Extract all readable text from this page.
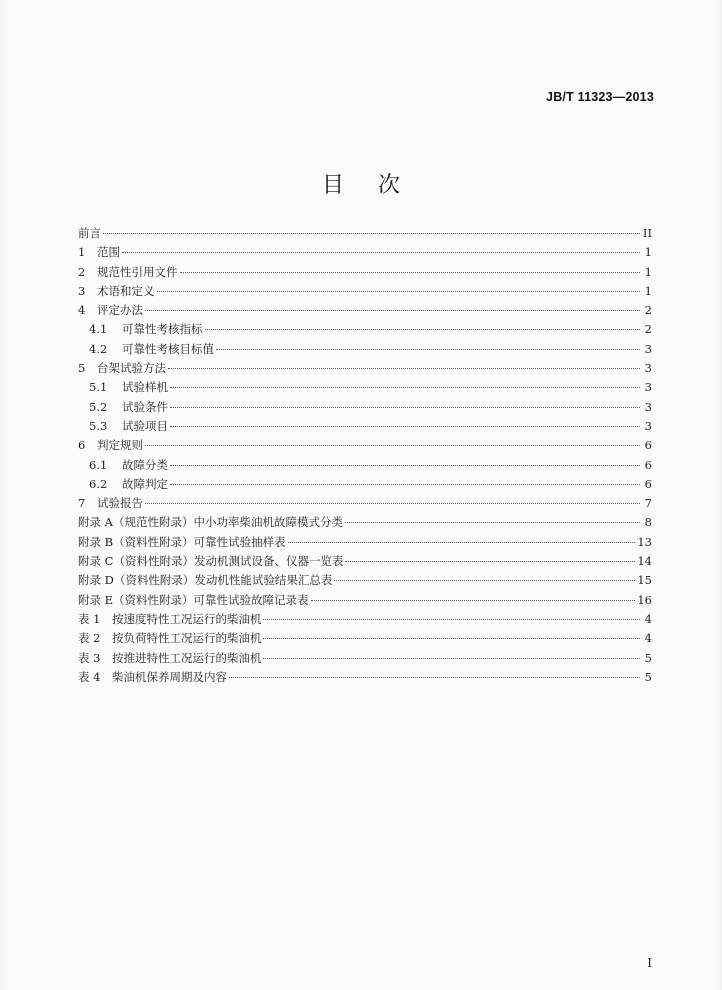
JB/T 11323—2013
目次
前言	II
1	范围	1
2	规范性引用文件	1
3	术语和定义	1
4	评定办法	2
4.1	可靠性考核指标	2
4.2	可靠性考核目标值	3
5	台架试验方法	3
5.1	试验样机	3
5.2	试验条件	3
5.3	试验项目	3
6	判定规则	6
6.1	故障分类	6
6.2	故障判定	6
7	试验报告	7
附录 A（规范性附录）中小功率柴油机故障模式分类	8
附录 B（资料性附录）可靠性试验抽样表	13
附录 C（资料性附录）发动机测试设备、仪器一览表	14
附录 D（资料性附录）发动机性能试验结果汇总表	15
附录 E（资料性附录）可靠性试验故障记录表	16
表 1　按速度特性工况运行的柴油机	4
表 2　按负荷特性工况运行的柴油机	4
表 3　按推进特性工况运行的柴油机	5
表 4　柴油机保养周期及内容	5
I
